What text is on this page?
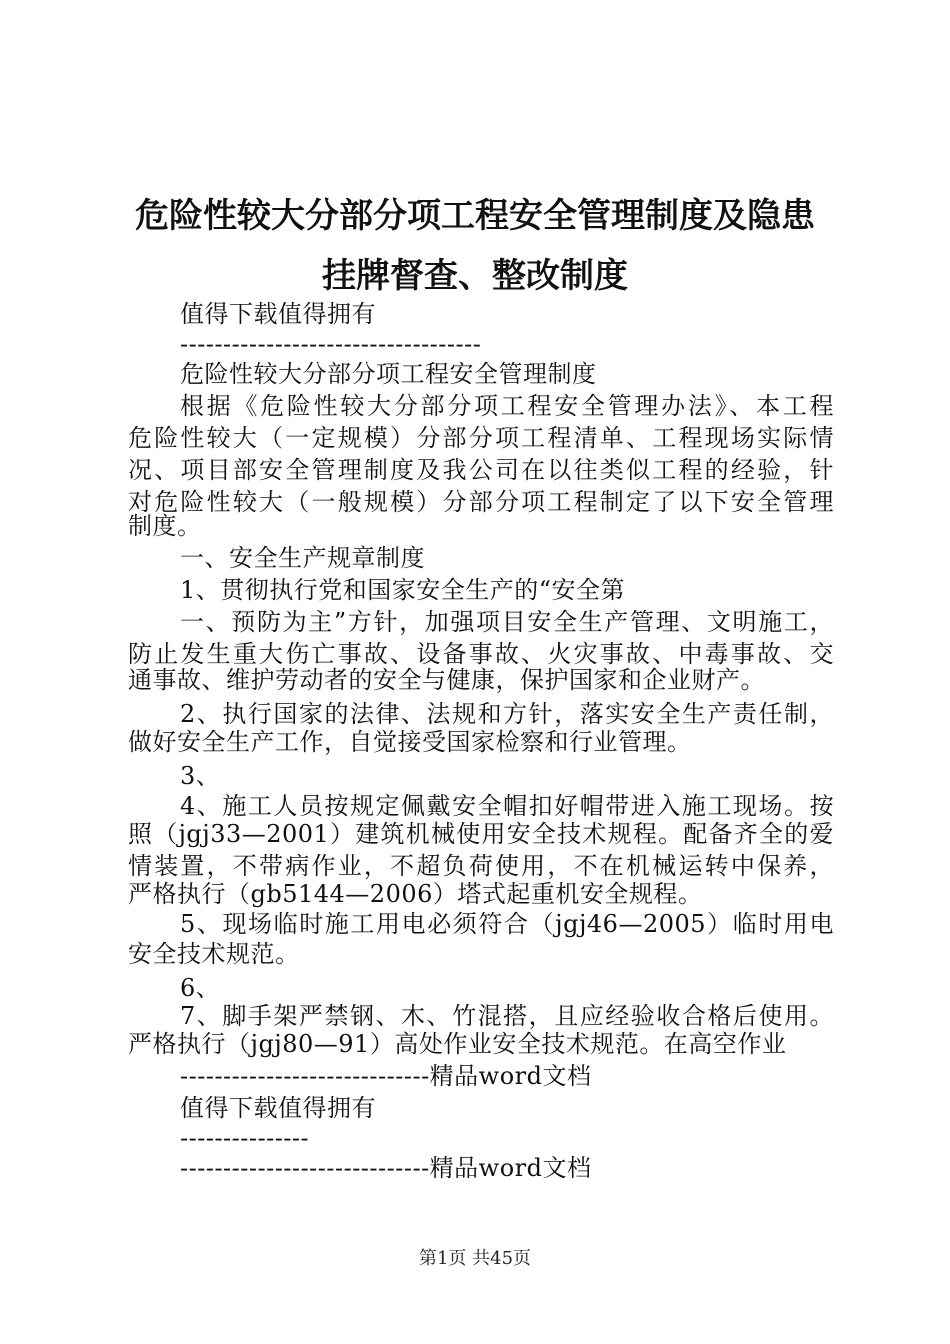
危险性较大分部分项工程安全管理制度及隐患
挂牌督查、整改制度
值得下载值得拥有
-----------------------------------
危险性较大分部分项工程安全管理制度
根据《危险性较大分部分项工程安全管理办法》、本工程
危险性较大（一定规模）分部分项工程清单、工程现场实际情
况、项目部安全管理制度及我公司在以往类似工程的经验，针
对危险性较大（一般规模）分部分项工程制定了以下安全管理
制度。
一、安全生产规章制度
1、贯彻执行党和国家安全生产的“安全第
一、预防为主”方针，加强项目安全生产管理、文明施工，
防止发生重大伤亡事故、设备事故、火灾事故、中毒事故、交
通事故、维护劳动者的安全与健康，保护国家和企业财产。
2、执行国家的法律、法规和方针，落实安全生产责任制，
做好安全生产工作，自觉接受国家检察和行业管理。
3、
4、施工人员按规定佩戴安全帽扣好帽带进入施工现场。按
照（jgj33—2001）建筑机械使用安全技术规程。配备齐全的爱
情装置，不带病作业，不超负荷使用，不在机械运转中保养，
严格执行（gb5144—2006）塔式起重机安全规程。
5、现场临时施工用电必须符合（jgj46—2005）临时用电
安全技术规范。
6、
7、脚手架严禁钢、木、竹混搭，且应经验收合格后使用。
严格执行（jgj80—91）高处作业安全技术规范。在高空作业
-----------------------------精品word文档
值得下载值得拥有
---------------
-----------------------------精品word文档
第1页 共45页
